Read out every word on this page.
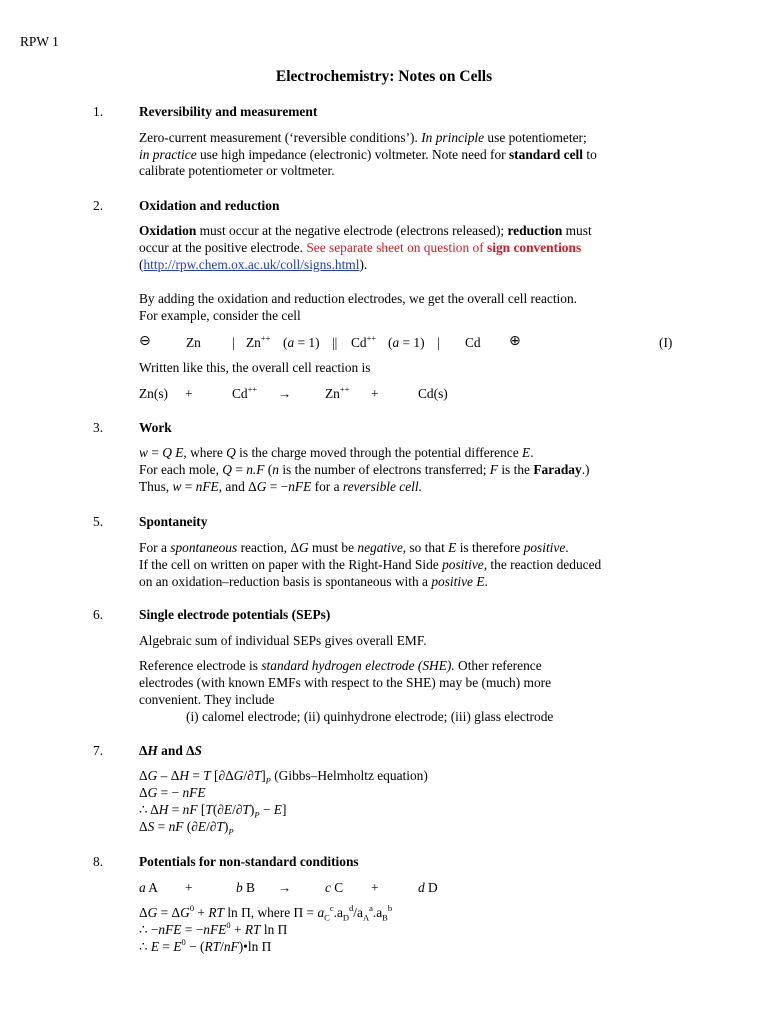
RPW 1
Electrochemistry: Notes on Cells
1.	Reversibility and measurement
Zero-current measurement (‘reversible conditions’). In principle use potentiometer;
in practice use high impedance (electronic) voltmeter. Note need for standard cell to
calibrate potentiometer or voltmeter.
2.	Oxidation and reduction
Oxidation must occur at the negative electrode (electrons released); reduction must
occur at the positive electrode. See separate sheet on question of sign conventions
(http://rpw.chem.ox.ac.uk/coll/signs.html).
By adding the oxidation and reduction electrodes, we get the overall cell reaction.
For example, consider the cell
⊖	Zn | Zn++ (a = 1) || Cd++ (a = 1) | Cd ⊕	(I)
Written like this, the overall cell reaction is
Zn(s) +	Cd++ →	Zn++ +	Cd(s)
3.	Work
w = Q E, where Q is the charge moved through the potential difference E.
For each mole, Q = n.F (n is the number of electrons transferred; F is the Faraday.)
Thus, w = nFE, and ΔG = −nFE for a reversible cell.
5.	Spontaneity
For a spontaneous reaction, ΔG must be negative, so that E is therefore positive.
If the cell on written on paper with the Right-Hand Side positive, the reaction deduced
on an oxidation–reduction basis is spontaneous with a positive E.
6.	Single electrode potentials (SEPs)
Algebraic sum of individual SEPs gives overall EMF.
Reference electrode is standard hydrogen electrode (SHE). Other reference
electrodes (with known EMFs with respect to the SHE) may be (much) more
convenient. They include
(i) calomel electrode; (ii) quinhydrone electrode; (iii) glass electrode
7.	ΔH and ΔS
ΔG – ΔH = T $[\partial\Delta G/\partial T]_P$ (Gibbs–Helmholtz equation)
ΔG = − nFE
∴ ΔH = nF $[T(\partial E/\partial T)_P - E]$
ΔS = nF $(\partial E/\partial T)_P$
8.	Potentials for non-standard conditions
a A +	b B →	c C +	d D
$\Delta G = \Delta G^0$ + RT ln Π, where $\Pi = a_C^c.a_D^d/a_A^a.a_B^b$
∴ −nFE = −nFE$^0$ + RT ln Π
∴ $E = E^0$ − (RT/nF)•ln Π
